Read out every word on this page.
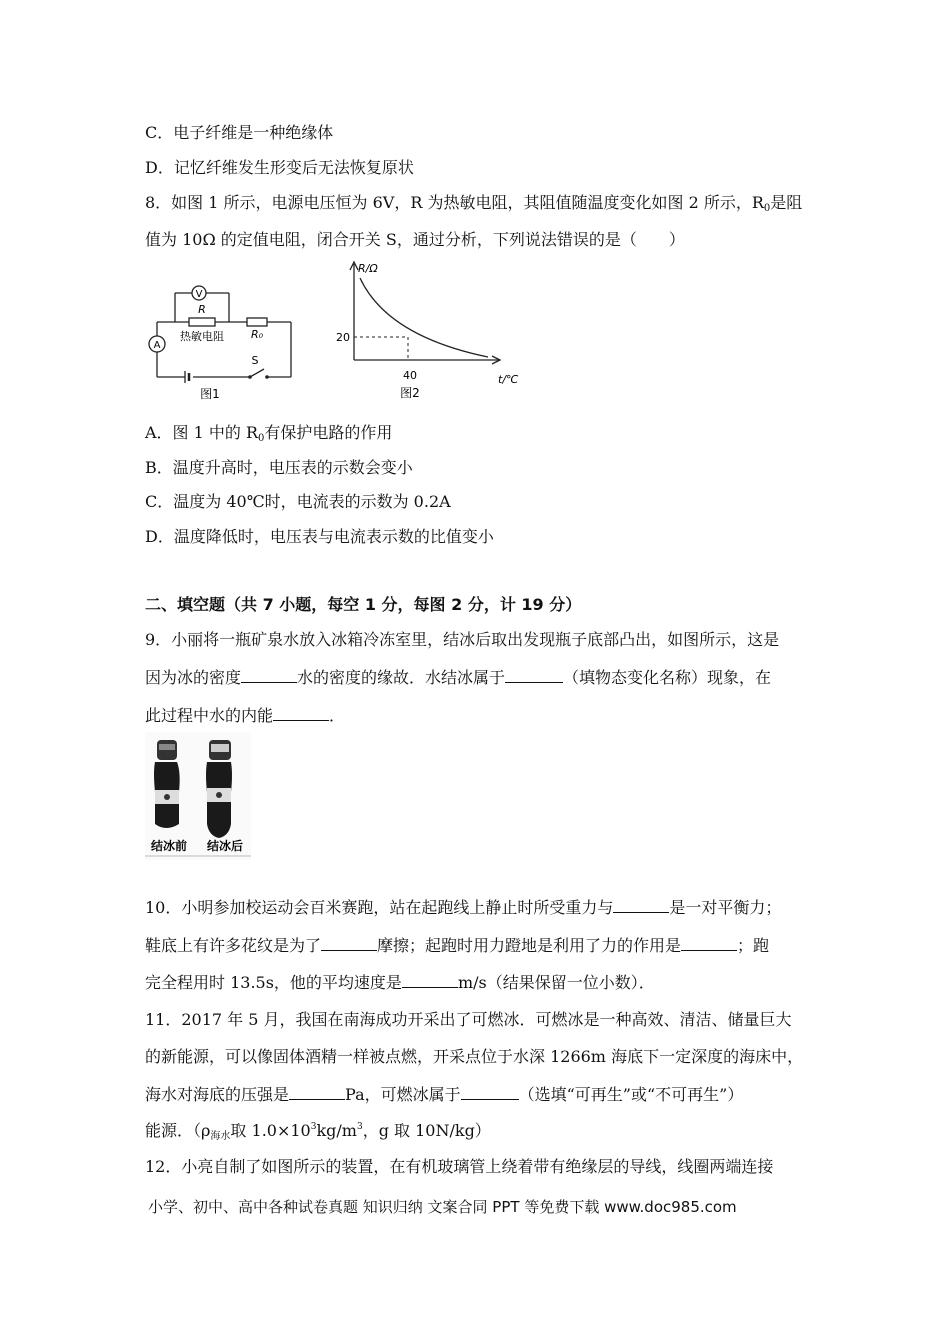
C．电子纤维是一种绝缘体
D．记忆纤维发生形变后无法恢复原状
8．如图 1 所示，电源电压恒为 6V，R 为热敏电阻，其阻值随温度变化如图 2 所示，$R_0$是阻
值为 10Ω 的定值电阻，闭合开关 S，通过分析，下列说法错误的是（　　）
V
A
R
热敏电阻 R₀
S
图1
R/Ω
20
40	t/℃
图2
A．图 1 中的 $R_0$有保护电路的作用
B．温度升高时，电压表的示数会变小
C．温度为 40℃时，电流表的示数为 0.2A
D．温度降低时，电压表与电流表示数的比值变小
二、填空题（共 7 小题，每空 1 分，每图 2 分，计 19 分）
9．小丽将一瓶矿泉水放入冰箱冷冻室里，结冰后取出发现瓶子底部凸出，如图所示，这是
因为冰的密度	水的密度的缘故．水结冰属于	（填物态变化名称）现象，在
此过程中水的内能	．
结冰前 结冰后
10．小明参加校运动会百米赛跑，站在起跑线上静止时所受重力与	是一对平衡力；
鞋底上有许多花纹是为了	摩擦；起跑时用力蹬地是利用了力的作用是	；跑
完全程用时 13.5s，他的平均速度是	m/s（结果保留一位小数）．
11．2017 年 5 月，我国在南海成功开采出了可燃冰．可燃冰是一种高效、清洁、储量巨大
的新能源，可以像固体酒精一样被点燃，开采点位于水深 1266m 海底下一定深度的海床中，
海水对海底的压强是	Pa，可燃冰属于	（选填“可再生”或“不可再生”）
能源．（$\rho_{海水}$取 $1.0\times 10^3kg/m^3$，g 取 10N/kg）
12．小亮自制了如图所示的装置，在有机玻璃管上绕着带有绝缘层的导线，线圈两端连接
小学、初中、高中各种试卷真题 知识归纳 文案合同 PPT 等免费下载 www.doc985.com
